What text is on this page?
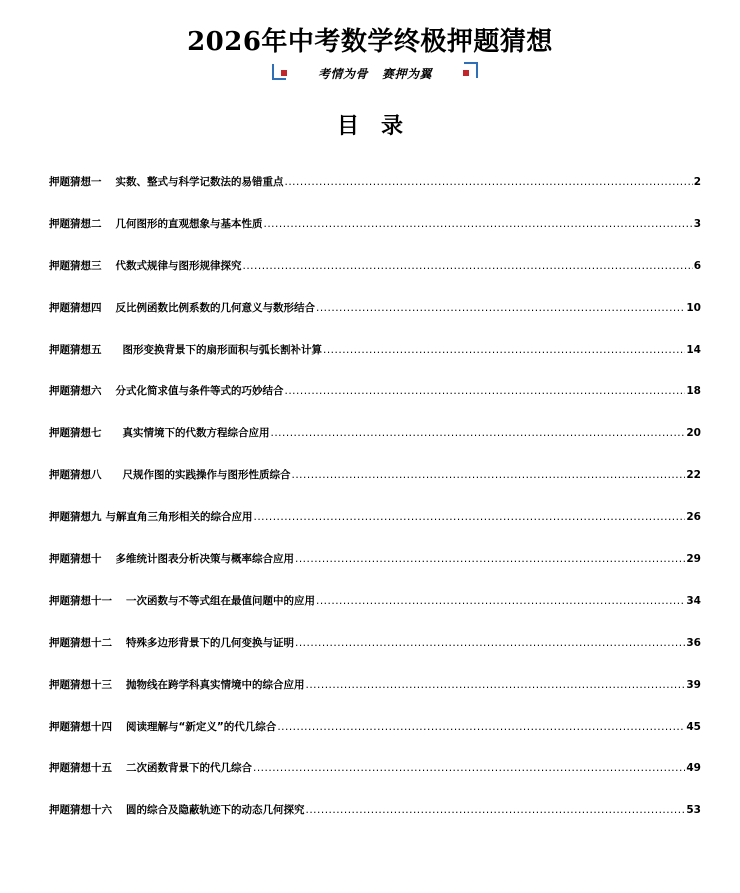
2026年中考数学终极押题猜想
考情为骨   赛押为翼
目录
押题猜想一 实数、整式与科学记数法的易错重点 .....	2
押题猜想二 几何图形的直观想象与基本性质 .....	3
押题猜想三 代数式规律与图形规律探究 .....	6
押题猜想四 反比例函数比例系数的几何意义与数形结合 .....	10
押题猜想五 图形变换背景下的扇形面积与弧长割补计算 .....	14
押题猜想六 分式化简求值与条件等式的巧妙结合 .....	18
押题猜想七 真实情境下的代数方程综合应用 .....	20
押题猜想八 尺规作图的实践操作与图形性质综合 .....	22
押题猜想九 与解直角三角形相关的综合应用 .....	26
押题猜想十 多维统计图表分析决策与概率综合应用 .....	29
押题猜想十一 一次函数与不等式组在最值问题中的应用 .....	34
押题猜想十二 特殊多边形背景下的几何变换与证明 .....	36
押题猜想十三 抛物线在跨学科真实情境中的综合应用 .....	39
押题猜想十四 阅读理解与“新定义”的代几综合 .....	45
押题猜想十五 二次函数背景下的代几综合 .....	49
押题猜想十六 圆的综合及隐蔽轨迹下的动态几何探究 .....	53
